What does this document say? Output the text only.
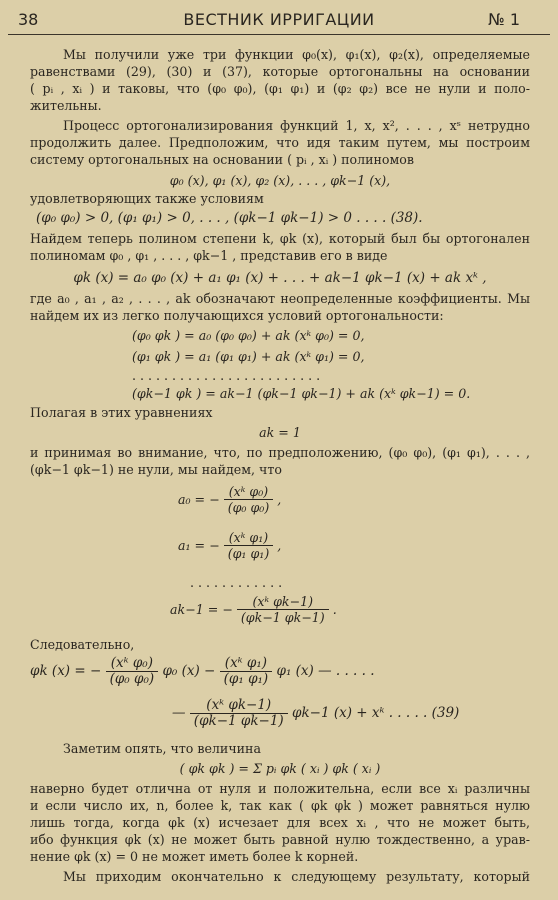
38	ВЕСТНИК ИРРИГАЦИИ	№ 1
Мы получили уже три функции φ₀(x), φ₁(x), φ₂(x), определяемые
равенствами (29), (30) и (37), которые ортогональны на основании
( pᵢ , xᵢ ) и таковы, что (φ₀ φ₀), (φ₁ φ₁) и (φ₂ φ₂) все не нули и поло-
жительны.
Процесс ортогонализирования функций 1, x, x², . . . , xˢ нетрудно
продолжить далее. Предположим, что идя таким путем, мы построим
систему ортогональных на основании ( pᵢ , xᵢ ) полиномов
φ₀ (x), φ₁ (x), φ₂ (x), . . . , φk−1 (x),
удовлетворяющих также условиям
(φ₀ φ₀) > 0, (φ₁ φ₁) > 0, . . . , (φk−1 φk−1) > 0 . . . . (38).
Найдем теперь полином степени k, φk (x), который был бы ортогонален
полиномам φ₀ , φ₁ , . . . , φk−1 , представив его в виде
φk (x) = a₀ φ₀ (x) + a₁ φ₁ (x) + . . . + ak−1 φk−1 (x) + ak xᵏ ,
где a₀ , a₁ , a₂ , . . . , ak обозначают неопределенные коэффициенты. Мы
найдем их из легко получающихся условий ортогональности:
(φ₀ φk ) = a₀ (φ₀ φ₀) + ak (xᵏ φ₀) = 0,
(φ₁ φk ) = a₁ (φ₁ φ₁) + ak (xᵏ φ₁) = 0,
. . . . . . . . . . . . . . . . . . . . . . . .
(φk−1 φk ) = ak−1 (φk−1 φk−1) + ak (xᵏ φk−1) = 0.
Полагая в этих уравнениях
ak = 1
и принимая во внимание, что, по предположению, (φ₀ φ₀), (φ₁ φ₁), . . . ,
(φk−1 φk−1) не нули, мы найдем, что
a₀ = − $\frac{\text{(xᵏ φ₀)}}{\text{(φ₀ φ₀)}}$ ,
a₁ = − $\frac{\text{(xᵏ φ₁)}}{\text{(φ₁ φ₁)}}$ ,
. . . . . . . . . . . .
ak−1 = − $\frac{\text{(xᵏ φk−1)}}{(\varphi k-1 \varphi k-1)}$ .
Следовательно,
φk (x) = − $\frac{\text{(xᵏ φ₀)}}{\text{(φ₀ φ₀)}} \varphi_0$ $(x) - \frac{\text{(xᵏ φ₁)}}{\text{(φ₁ φ₁)}} \varphi_1$ (x) — . . . . .
— $\frac{\text{(xᵏ φk−1)}}{(\varphi k-1 \varphi k-1)} \varphi k-1$ (x) + xᵏ . . . . . (39)
Заметим опять, что величина
( φk φk ) = Σ pᵢ φk ( xᵢ ) φk ( xᵢ )
наверно будет отлична от нуля и положительна, если все xᵢ различны
и если число их, n, более k, так как ( φk φk ) может равняться нулю
лишь тогда, когда φk (x) исчезает для всех xᵢ , что не может быть,
ибо функция φk (x) не может быть равной нулю тождественно, а урав-
нение φk (x) = 0 не может иметь более k корней.
Мы приходим окончательно к следующему результату, который
